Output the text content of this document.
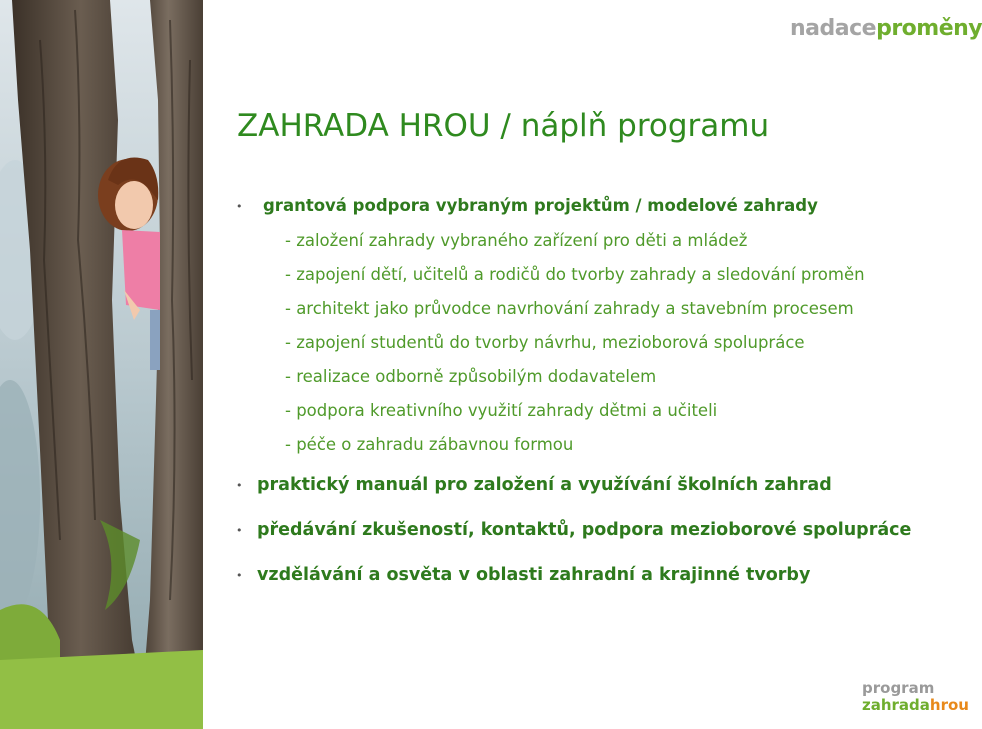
nadaceproměny
ZAHRADA HROU / náplň programu
• grantová podpora vybraným projektům / modelové zahrady
- založení zahrady vybraného zařízení pro děti a mládež
- zapojení dětí, učitelů a rodičů do tvorby zahrady a sledování proměn
- architekt jako průvodce navrhování zahrady a stavebním procesem
- zapojení studentů do tvorby návrhu, mezioborová spolupráce
- realizace odborně způsobilým dodavatelem
- podpora kreativního využití zahrady dětmi a učiteli
- péče o zahradu zábavnou formou
• praktický manuál pro založení a využívání školních zahrad
• předávání zkušeností, kontaktů, podpora mezioborové spolupráce
• vzdělávání a osvěta v oblasti zahradní a krajinné tvorby
program
zahradahrou
